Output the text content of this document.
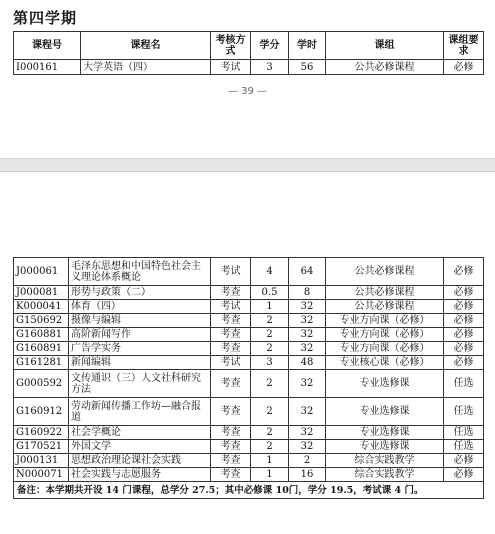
第四学期
课程号	课程名	考核方式	学分	学时	课组	课组要求
I000161	大学英语（四）	考试	3	56	公共必修课程	必修
— 39 —
J000061	毛泽东思想和中国特色社会主义理论体系概论	考试	4	64	公共必修课程	必修
J000081	形势与政策（二）	考查	0.5	8	公共必修课程	必修
K000041	体育（四）	考试	1	32	公共必修课程	必修
G150692	摄像与编辑	考查	2	32	专业方向课（必修）	必修
G160881	高阶新闻写作	考查	2	32	专业方向课（必修）	必修
G160891	广告学实务	考查	2	32	专业方向课（必修）	必修
G161281	新闻编辑	考试	3	48	专业核心课（必修）	必修
G000592	文传通识（三）人文社科研究方法	考查	2	32	专业选修课	任选
G160912	劳动新闻传播工作坊—融合报道	考查	2	32	专业选修课	任选
G160922	社会学概论	考查	2	32	专业选修课	任选
G170521	外国文学	考查	2	32	专业选修课	任选
J000131	思想政治理论课社会实践	考查	1	2	综合实践教学	必修
N000071	社会实践与志愿服务	考查	1	16	综合实践教学	必修
备注：本学期共开设 14 门课程，总学分 27.5；其中必修课 10门，学分 19.5，考试课 4 门。						
